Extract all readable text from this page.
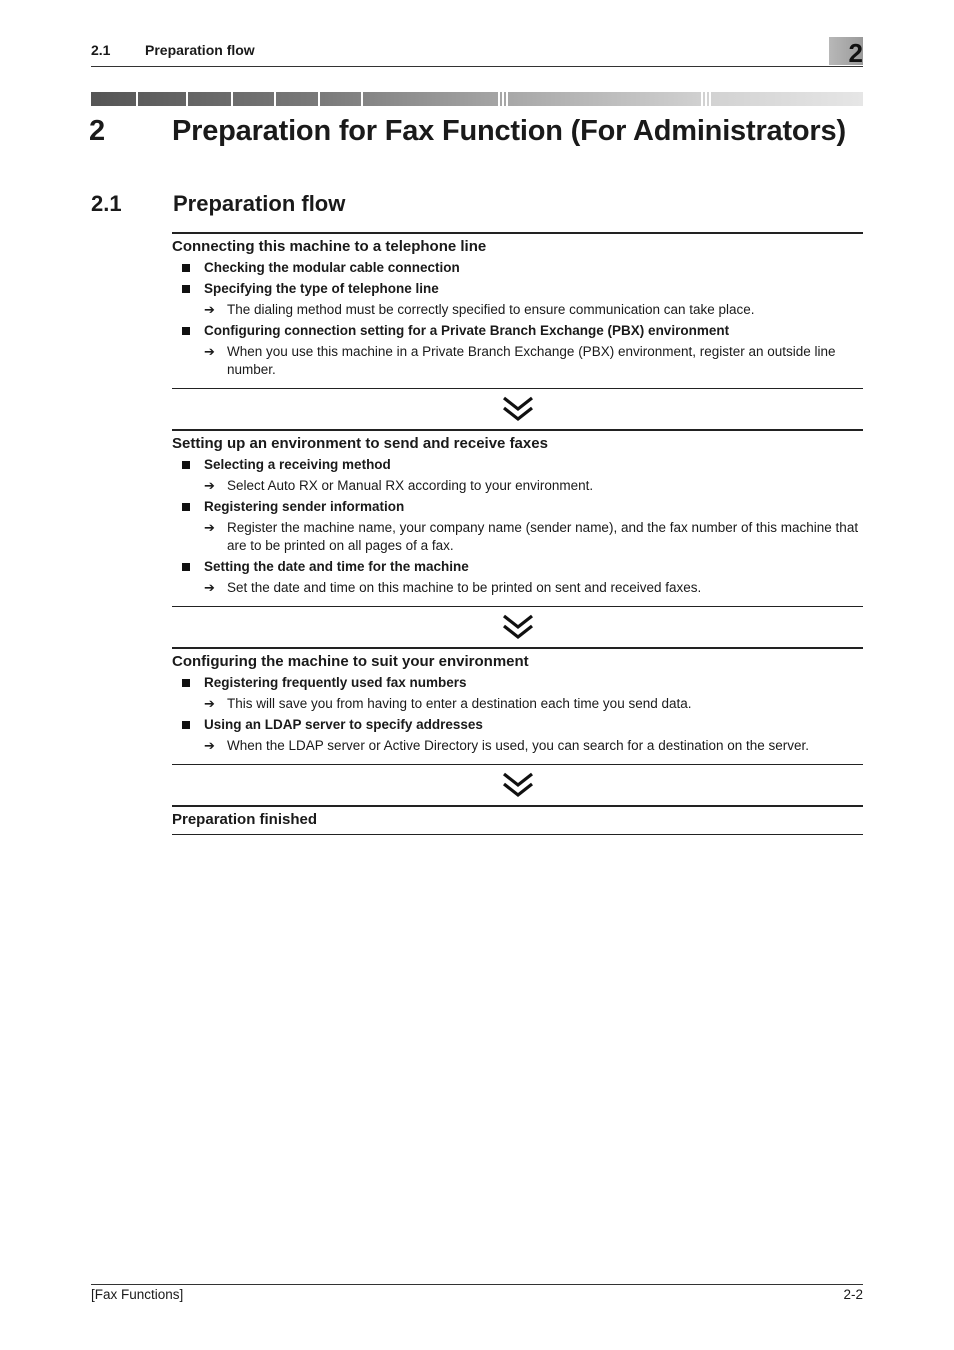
2.1 Preparation flow	2
2 Preparation for Fax Function (For Administrators)
2.1 Preparation flow
Connecting this machine to a telephone line
Checking the modular cable connection
Specifying the type of telephone line
➔ The dialing method must be correctly specified to ensure communication can take place.
Configuring connection setting for a Private Branch Exchange (PBX) environment
➔ When you use this machine in a Private Branch Exchange (PBX) environment, register an outside line number.
Setting up an environment to send and receive faxes
Selecting a receiving method
➔ Select Auto RX or Manual RX according to your environment.
Registering sender information
➔ Register the machine name, your company name (sender name), and the fax number of this machine that are to be printed on all pages of a fax.
Setting the date and time for the machine
➔ Set the date and time on this machine to be printed on sent and received faxes.
Configuring the machine to suit your environment
Registering frequently used fax numbers
➔ This will save you from having to enter a destination each time you send data.
Using an LDAP server to specify addresses
➔ When the LDAP server or Active Directory is used, you can search for a destination on the server.
Preparation finished
[Fax Functions]	2-2
